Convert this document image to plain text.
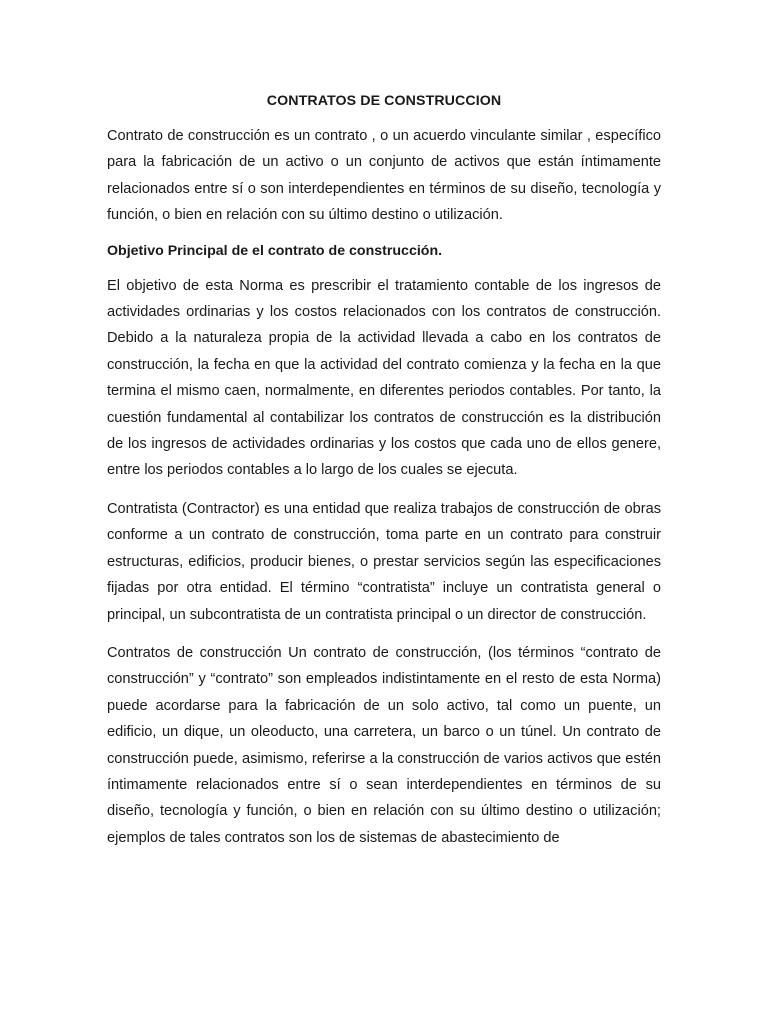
CONTRATOS DE CONSTRUCCION

Contrato de construcción es un contrato , o un acuerdo vinculante similar , específico para la fabricación de un activo o un conjunto de activos que están íntimamente relacionados entre sí o son interdependientes en términos de su diseño, tecnología y función, o bien en relación con su último destino o utilización.

Objetivo Principal de el contrato de construcción.

El objetivo de esta Norma es prescribir el tratamiento contable de los ingresos de actividades ordinarias y los costos relacionados con los contratos de construcción. Debido a la naturaleza propia de la actividad llevada a cabo en los contratos de construcción, la fecha en que la actividad del contrato comienza y la fecha en la que termina el mismo caen, normalmente, en diferentes periodos contables. Por tanto, la cuestión fundamental al contabilizar los contratos de construcción es la distribución de los ingresos de actividades ordinarias y los costos que cada uno de ellos genere, entre los periodos contables a lo largo de los cuales se ejecuta.

Contratista (Contractor) es una entidad que realiza trabajos de construcción de obras conforme a un contrato de construcción, toma parte en un contrato para construir estructuras, edificios, producir bienes, o prestar servicios según las especificaciones fijadas por otra entidad. El término “contratista” incluye un contratista general o principal, un subcontratista de un contratista principal o un director de construcción.

Contratos de construcción Un contrato de construcción, (los términos “contrato de construcción” y “contrato” son empleados indistintamente en el resto de esta Norma) puede acordarse para la fabricación de un solo activo, tal como un puente, un edificio, un dique, un oleoducto, una carretera, un barco o un túnel. Un contrato de construcción puede, asimismo, referirse a la construcción de varios activos que estén íntimamente relacionados entre sí o sean interdependientes en términos de su diseño, tecnología y función, o bien en relación con su último destino o utilización; ejemplos de tales contratos son los de sistemas de abastecimiento de
